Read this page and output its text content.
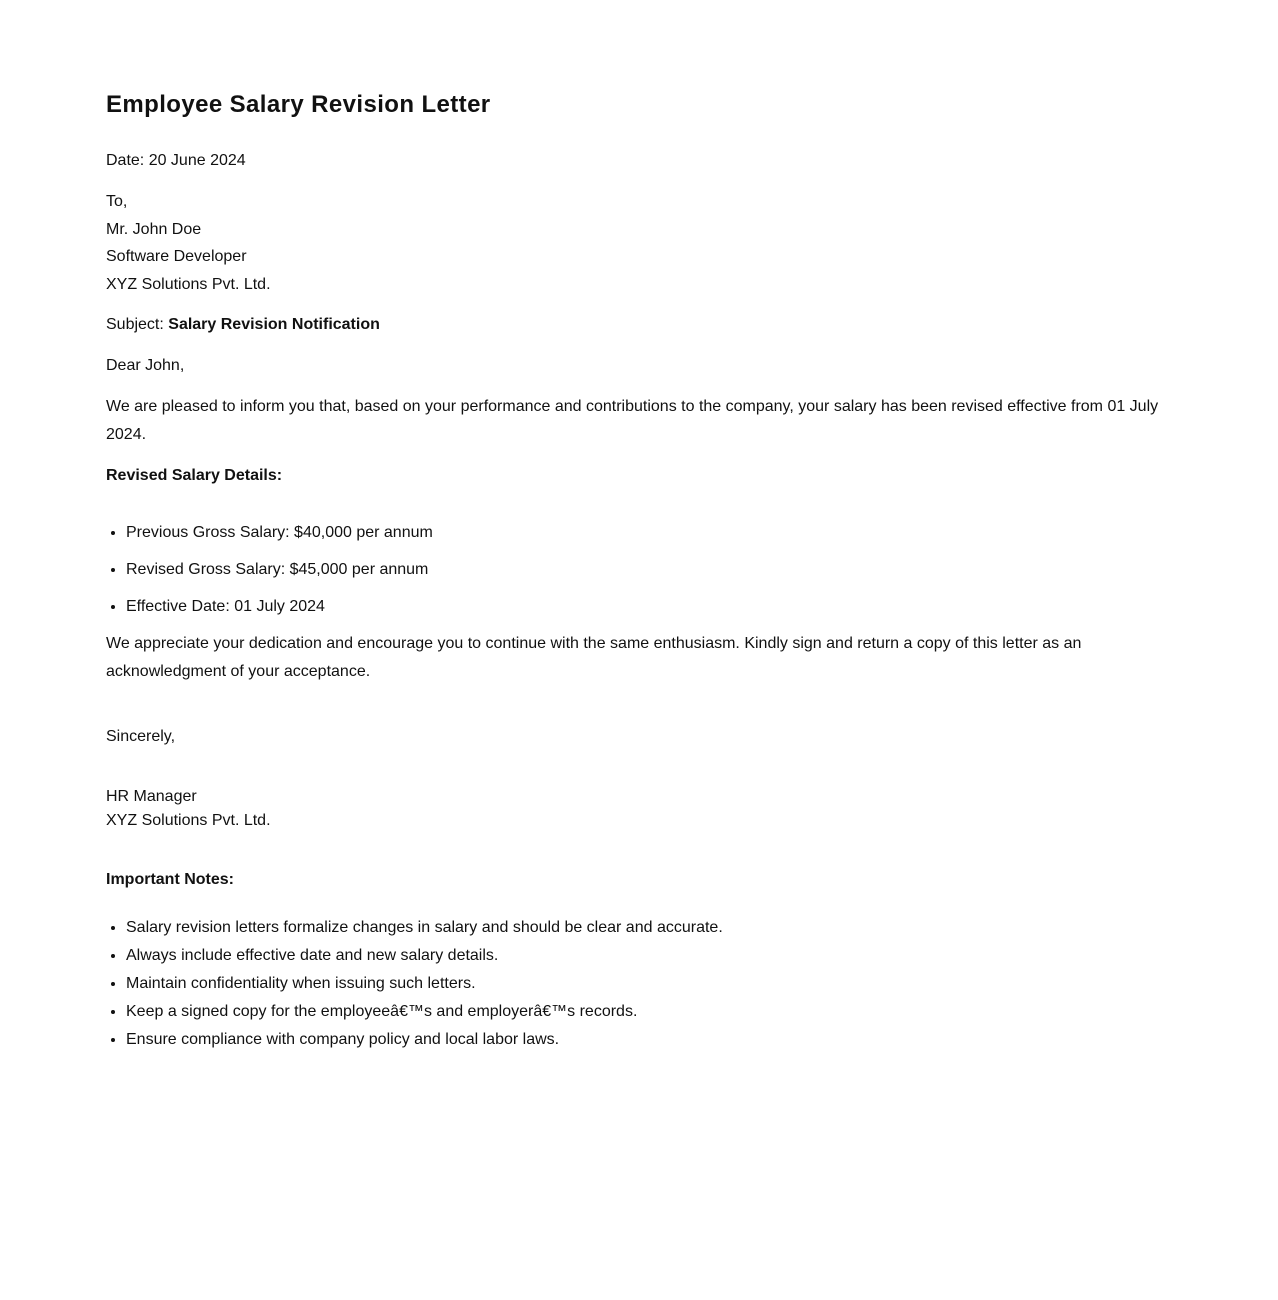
Employee Salary Revision Letter

Date: 20 June 2024

To,
Mr. John Doe
Software Developer
XYZ Solutions Pvt. Ltd.

Subject: Salary Revision Notification

Dear John,

We are pleased to inform you that, based on your performance and contributions to the company, your salary has been revised effective from 01 July 2024.

Revised Salary Details:

• Previous Gross Salary: $40,000 per annum
• Revised Gross Salary: $45,000 per annum
• Effective Date: 01 July 2024

We appreciate your dedication and encourage you to continue with the same enthusiasm. Kindly sign and return a copy of this letter as an acknowledgment of your acceptance.

Sincerely,

HR Manager
XYZ Solutions Pvt. Ltd.

Important Notes:

• Salary revision letters formalize changes in salary and should be clear and accurate.
• Always include effective date and new salary details.
• Maintain confidentiality when issuing such letters.
• Keep a signed copy for the employeeâ€™s and employerâ€™s records.
• Ensure compliance with company policy and local labor laws.
